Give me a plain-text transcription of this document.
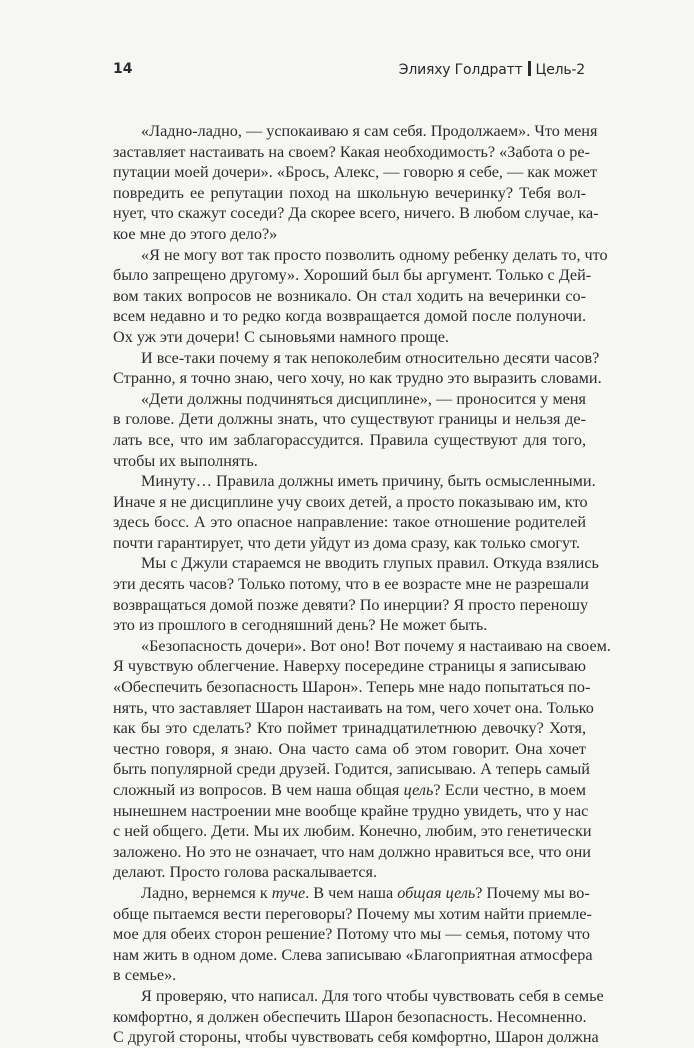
14	Элияху Голдратт Цель-2
«Ладно-ладно, — успокаиваю я сам себя. Продолжаем». Что меня
заставляет настаивать на своем? Какая необходимость? «Забота о ре-
путации моей дочери». «Брось, Алекс, — говорю я себе, — как может
повредить ее репутации поход на школьную вечеринку? Тебя вол-
нует, что скажут соседи? Да скорее всего, ничего. В любом случае, ка-
кое мне до этого дело?»
«Я не могу вот так просто позволить одному ребенку делать то, что
было запрещено другому». Хороший был бы аргумент. Только с Дей-
вом таких вопросов не возникало. Он стал ходить на вечеринки со-
всем недавно и то редко когда возвращается домой после полуночи.
Ох уж эти дочери! С сыновьями намного проще.
И все-таки почему я так непоколебим относительно десяти часов?
Странно, я точно знаю, чего хочу, но как трудно это выразить словами.
«Дети должны подчиняться дисциплине», — проносится у меня
в голове. Дети должны знать, что существуют границы и нельзя де-
лать все, что им заблагорассудится. Правила существуют для того,
чтобы их выполнять.
Минуту… Правила должны иметь причину, быть осмысленными.
Иначе я не дисциплине учу своих детей, а просто показываю им, кто
здесь босс. А это опасное направление: такое отношение родителей
почти гарантирует, что дети уйдут из дома сразу, как только смогут.
Мы с Джули стараемся не вводить глупых правил. Откуда взялись
эти десять часов? Только потому, что в ее возрасте мне не разрешали
возвращаться домой позже девяти? По инерции? Я просто переношу
это из прошлого в сегодняшний день? Не может быть.
«Безопасность дочери». Вот оно! Вот почему я настаиваю на своем.
Я чувствую облегчение. Наверху посередине страницы я записываю
«Обеспечить безопасность Шарон». Теперь мне надо попытаться по-
нять, что заставляет Шарон настаивать на том, чего хочет она. Только
как бы это сделать? Кто поймет тринадцатилетнюю девочку? Хотя,
честно говоря, я знаю. Она часто сама об этом говорит. Она хочет
быть популярной среди друзей. Годится, записываю. А теперь самый
сложный из вопросов. В чем наша общая цель? Если честно, в моем
нынешнем настроении мне вообще крайне трудно увидеть, что у нас
с ней общего. Дети. Мы их любим. Конечно, любим, это генетически
заложено. Но это не означает, что нам должно нравиться все, что они
делают. Просто голова раскалывается.
Ладно, вернемся к туче. В чем наша общая цель? Почему мы во-
обще пытаемся вести переговоры? Почему мы хотим найти приемле-
мое для обеих сторон решение? Потому что мы — семья, потому что
нам жить в одном доме. Слева записываю «Благоприятная атмосфера
в семье».
Я проверяю, что написал. Для того чтобы чувствовать себя в семье
комфортно, я должен обеспечить Шарон безопасность. Несомненно.
С другой стороны, чтобы чувствовать себя комфортно, Шарон должна
